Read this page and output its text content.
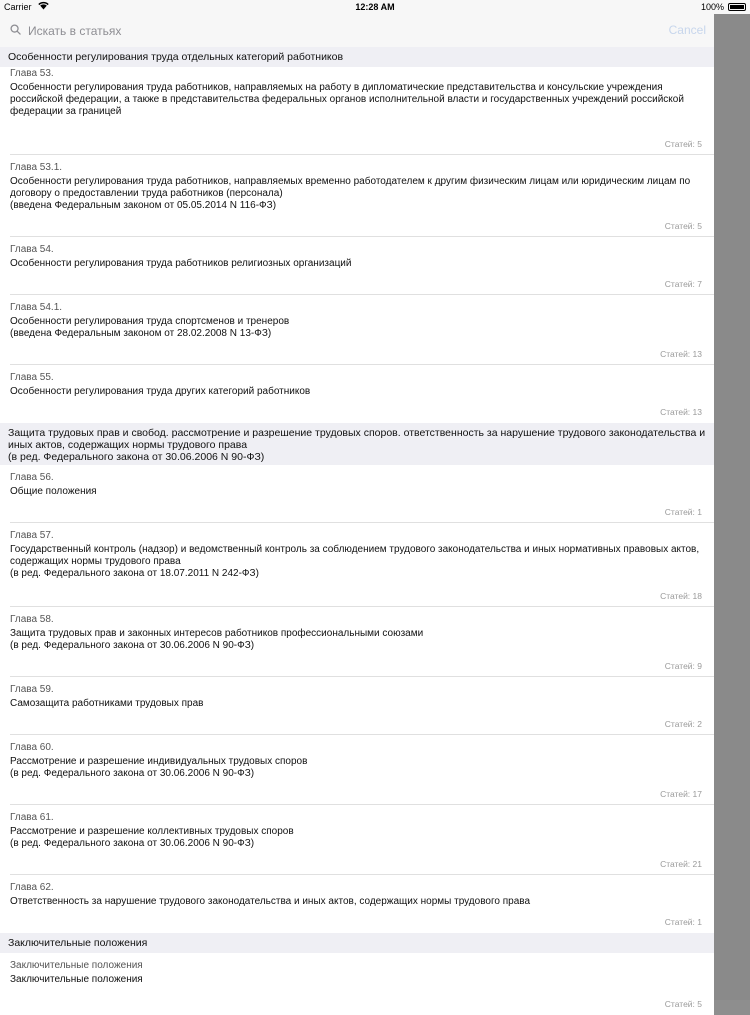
Искать в статьях
Cancel
Особенности регулирования труда отдельных категорий работников
Глава 53.
Особенности регулирования труда работников, направляемых на работу в дипломатические представительства и консульские учреждения российской федерации, а также в представительства федеральных органов исполнительной власти и государственных учреждений российской федерации за границей
Статей: 5
Глава 53.1.
Особенности регулирования труда работников, направляемых временно работодателем к другим физическим лицам или юридическим лицам по договору о предоставлении труда работников (персонала)
(введена Федеральным законом от 05.05.2014 N 116-ФЗ)
Статей: 5
Глава 54.
Особенности регулирования труда работников религиозных организаций
Статей: 7
Глава 54.1.
Особенности регулирования труда спортсменов и тренеров
(введена Федеральным законом от 28.02.2008 N 13-ФЗ)
Статей: 13
Глава 55.
Особенности регулирования труда других категорий работников
Статей: 13
Защита трудовых прав и свобод. рассмотрение и разрешение трудовых споров. ответственность за нарушение трудового законодательства и иных актов, содержащих нормы трудового права
(в ред. Федерального закона от 30.06.2006 N 90-ФЗ)
Глава 56.
Общие положения
Статей: 1
Глава 57.
Государственный контроль (надзор) и ведомственный контроль за соблюдением трудового законодательства и иных нормативных правовых актов, содержащих нормы трудового права
(в ред. Федерального закона от 18.07.2011 N 242-ФЗ)
Статей: 18
Глава 58.
Защита трудовых прав и законных интересов работников профессиональными союзами
(в ред. Федерального закона от 30.06.2006 N 90-ФЗ)
Статей: 9
Глава 59.
Самозащита работниками трудовых прав
Статей: 2
Глава 60.
Рассмотрение и разрешение индивидуальных трудовых споров
(в ред. Федерального закона от 30.06.2006 N 90-ФЗ)
Статей: 17
Глава 61.
Рассмотрение и разрешение коллективных трудовых споров
(в ред. Федерального закона от 30.06.2006 N 90-ФЗ)
Статей: 21
Глава 62.
Ответственность за нарушение трудового законодательства и иных актов, содержащих нормы трудового права
Статей: 1
Заключительные положения
Заключительные положения
Заключительные положения
Статей: 5
Carrier	12:28 AM	100%
